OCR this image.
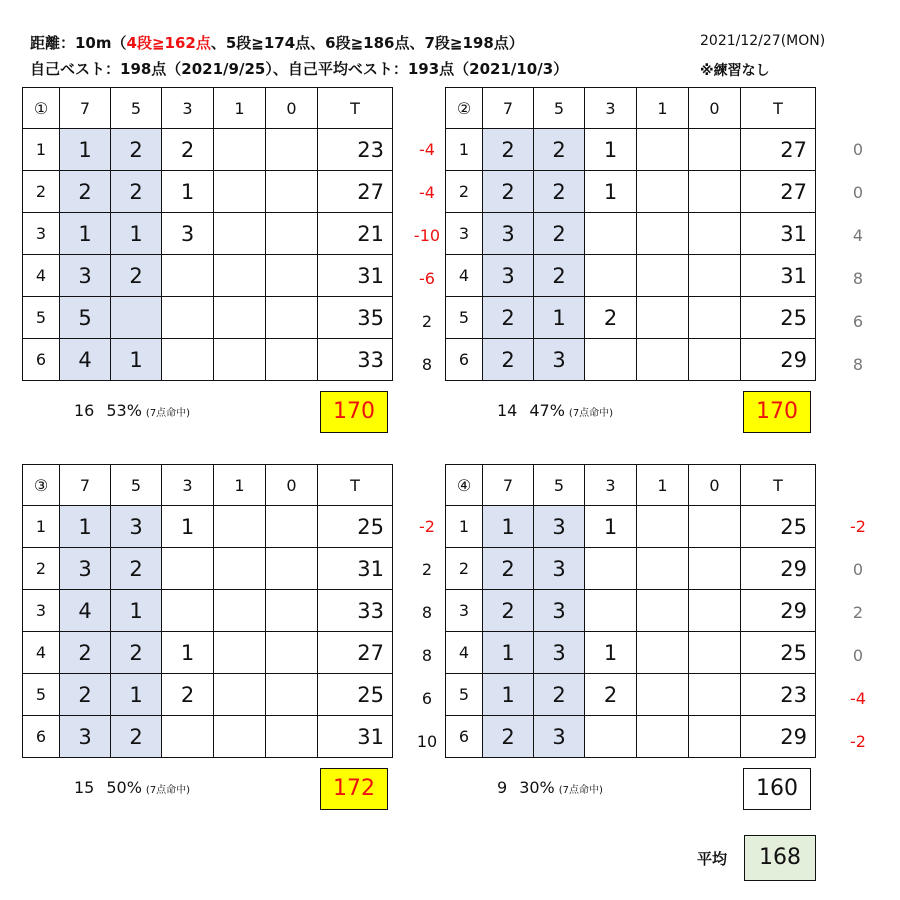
距離：10m（4段≧162点、5段≧174点、6段≧186点、7段≧198点）
自己ベスト：198点（2021/9/25）、自己平均ベスト：193点（2021/10/3）
2021/12/27(MON)
※練習なし
-4
-4
-10
-6
2
8
①	7	5	3	1	0	T
1	1	2	2			23
2	2	2	1			27
3	1	1	3			21
4	3	2				31
5	5					35
6	4	1				33
16 53% (7点命中)	170
0
0
4
8
6
8
②	7	5	3	1	0	T
1	2	2	1			27
2	2	2	1			27
3	3	2				31
4	3	2				31
5	2	1	2			25
6	2	3				29
14 47% (7点命中)	170
-2
2
8
8
6
10
③	7	5	3	1	0	T
1	1	3	1			25
2	3	2				31
3	4	1				33
4	2	2	1			27
5	2	1	2			25
6	3	2				31
15 50% (7点命中)	172
-2
0
2
0
-4
-2
④	7	5	3	1	0	T
1	1	3	1			25
2	2	3				29
3	2	3				29
4	1	3	1			25
5	1	2	2			23
6	2	3				29
9 30% (7点命中)	160
平均	168
